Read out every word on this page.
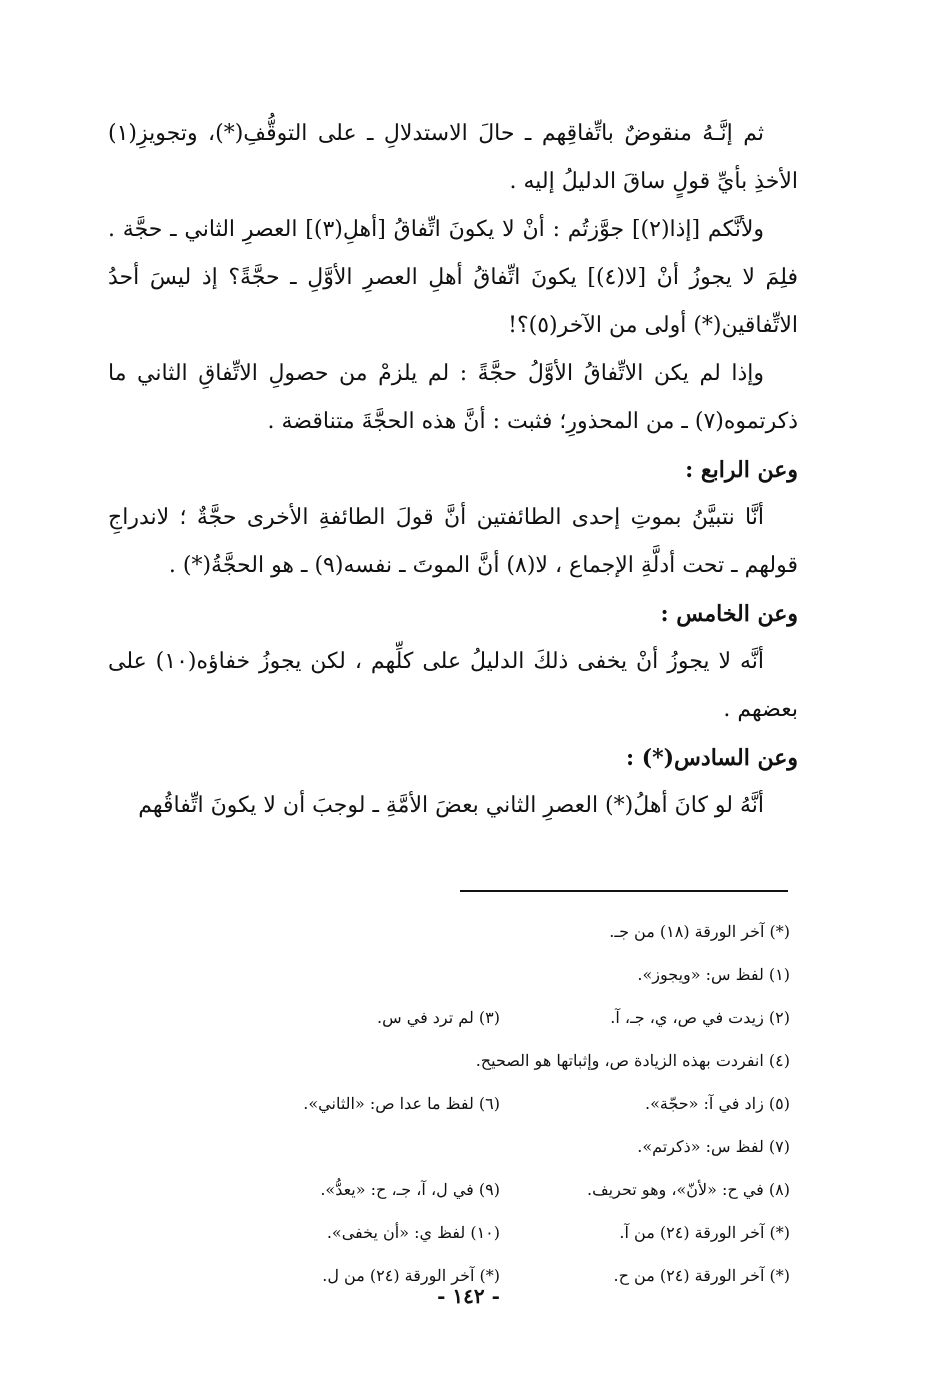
ثم إنَّـهُ منقوضٌ باتِّفاقِهم ـ حالَ الاستدلالِ ـ على التوقُّفِ(*)، وتجويزِ(١) الأخذِ بأيِّ قولٍ ساقَ الدليلُ إليه .

ولأنَّكم [إذا(٢)] جوَّزتُم : أنْ لا يكونَ اتِّفاقُ [أهلِ(٣)] العصرِ الثاني ـ حجَّة . فلِمَ لا يجوزُ أنْ [لا(٤)] يكونَ اتِّفاقُ أهلِ العصرِ الأوَّلِ ـ حجَّةً؟ إذ ليسَ أحدُ الاتِّفاقين(*) أولى من الآخر(٥)؟!

وإذا لم يكن الاتِّفاقُ الأوَّلُ حجَّةً : لم يلزمْ من حصولِ الاتِّفاقِ الثاني ما ذكرتموه(٧) ـ من المحذورِ؛ فثبت : أنَّ هذه الحجَّةَ متناقضة .

وعن الرابع :

أنَّا نتبيَّنُ بموتِ إحدى الطائفتين أنَّ قولَ الطائفةِ الأخرى حجَّةٌ ؛ لاندراجِ قولهم ـ تحت أدلَّةِ الإجماع ، لا(٨) أنَّ الموتَ ـ نفسه(٩) ـ هو الحجَّةُ(*) .

وعن الخامس :

أنَّه لا يجوزُ أنْ يخفى ذلكَ الدليلُ على كلِّهم ، لكن يجوزُ خفاؤه(١٠) على بعضهم .

وعن السادس(*) :

أنَّهُ لو كانَ أهلُ(*) العصرِ الثاني بعضَ الأمَّةِ ـ لوجبَ أن لا يكونَ اتِّفاقُهم

(*) آخر الورقة (١٨) من جـ.
(١) لفظ س: «ويجوز».
(٢) زيدت في ص، ي، جـ، آ.
(٣) لم ترد في س.
(٤) انفردت بهذه الزيادة ص، وإثباتها هو الصحيح.
(٥) زاد في آ: «حجّة».
(٦) لفظ ما عدا ص: «الثاني».
(٧) لفظ س: «ذكرتم».
(٨) في ح: «لأنّ»، وهو تحريف.
(٩) في ل، آ، جـ، ح: «يعدُّ».
(*) آخر الورقة (٢٤) من آ.
(١٠) لفظ ي: «أن يخفى».
(*) آخر الورقة (٢٤) من ح.
(*) آخر الورقة (٢٤) من ل.
- ١٤٢ -
